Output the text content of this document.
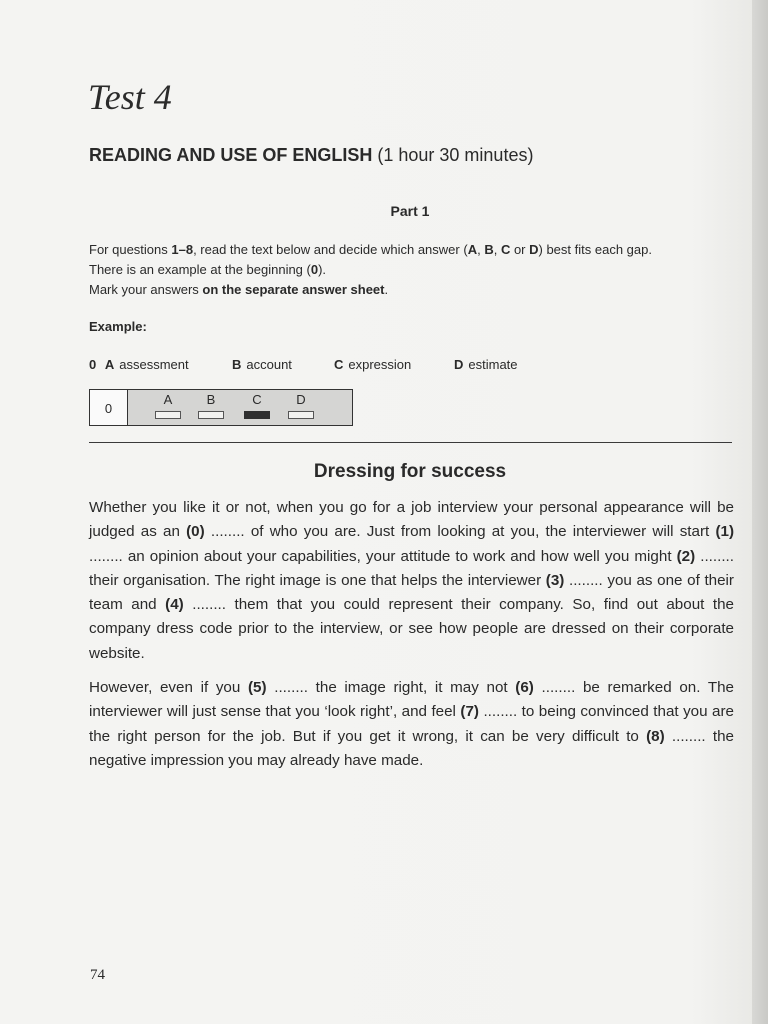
Test 4
READING AND USE OF ENGLISH (1 hour 30 minutes)
Part 1

For questions 1–8, read the text below and decide which answer (A, B, C or D) best fits each gap.

There is an example at the beginning (0).

Mark your answers on the separate answer sheet.

Example:
0 A assessment	B account	C expression	D estimate
0
A	B	C	D
Dressing for success

Whether you like it or not, when you go for a job interview your personal appearance will be judged as an (0) ........ of who you are. Just from looking at you, the interviewer will start (1) ........ an opinion about your capabilities, your attitude to work and how well you might (2) ........ their organisation. The right image is one that helps the interviewer (3) ........ you as one of their team and (4) ........ them that you could represent their company. So, find out about the company dress code prior to the interview, or see how people are dressed on their corporate website.

However, even if you (5) ........ the image right, it may not (6) ........ be remarked on. The interviewer will just sense that you ‘look right’, and feel (7) ........ to being convinced that you are the right person for the job. But if you get it wrong, it can be very difficult to (8) ........ the negative impression you may already have made.

74
